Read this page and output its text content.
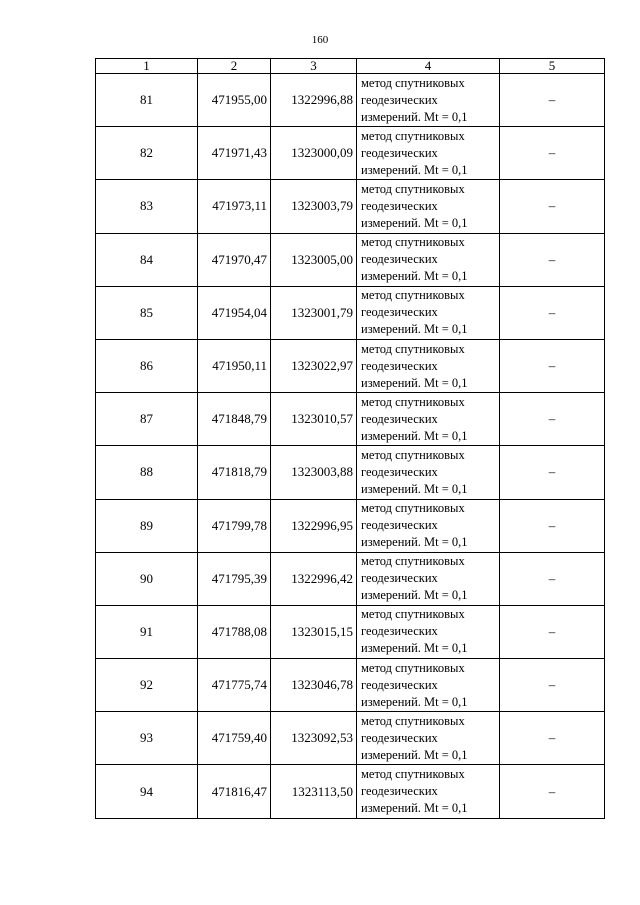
160
1	2	3	4	5
81	471955,00	1322996,88	метод спутниковых
геодезических
измерений. Mt = 0,1	–
82	471971,43	1323000,09	метод спутниковых
геодезических
измерений. Mt = 0,1	–
83	471973,11	1323003,79	метод спутниковых
геодезических
измерений. Mt = 0,1	–
84	471970,47	1323005,00	метод спутниковых
геодезических
измерений. Mt = 0,1	–
85	471954,04	1323001,79	метод спутниковых
геодезических
измерений. Mt = 0,1	–
86	471950,11	1323022,97	метод спутниковых
геодезических
измерений. Mt = 0,1	–
87	471848,79	1323010,57	метод спутниковых
геодезических
измерений. Mt = 0,1	–
88	471818,79	1323003,88	метод спутниковых
геодезических
измерений. Mt = 0,1	–
89	471799,78	1322996,95	метод спутниковых
геодезических
измерений. Mt = 0,1	–
90	471795,39	1322996,42	метод спутниковых
геодезических
измерений. Mt = 0,1	–
91	471788,08	1323015,15	метод спутниковых
геодезических
измерений. Mt = 0,1	–
92	471775,74	1323046,78	метод спутниковых
геодезических
измерений. Mt = 0,1	–
93	471759,40	1323092,53	метод спутниковых
геодезических
измерений. Mt = 0,1	–
94	471816,47	1323113,50	метод спутниковых
геодезических
измерений. Mt = 0,1	–
